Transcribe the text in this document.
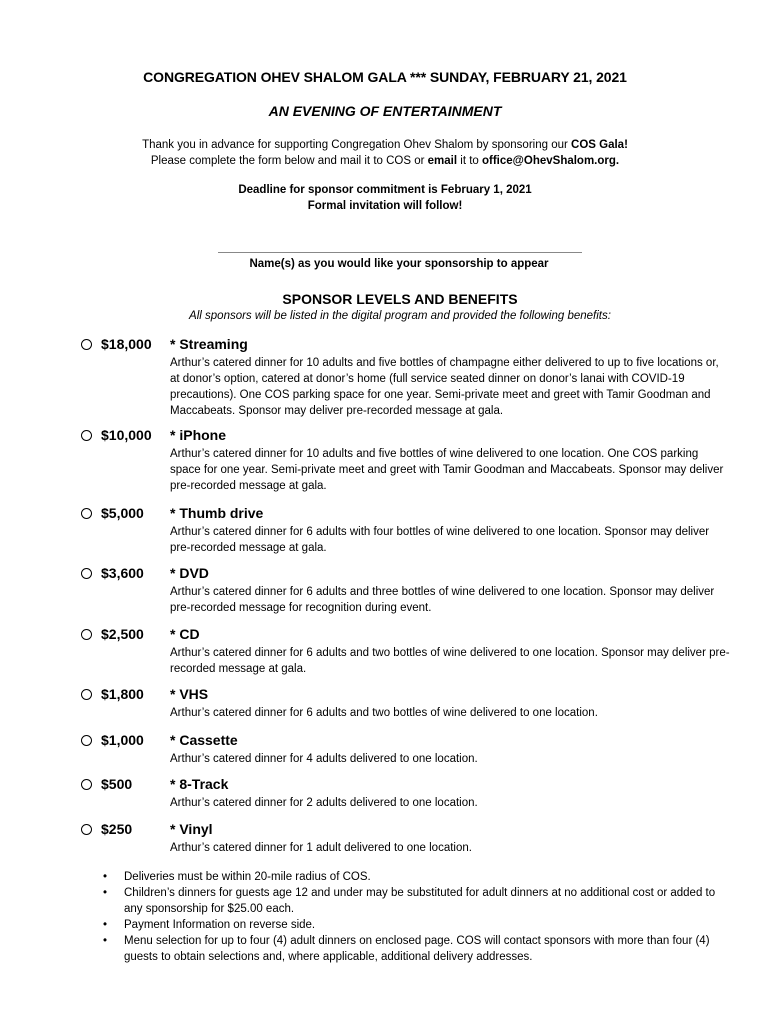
CONGREGATION OHEV SHALOM GALA *** SUNDAY, FEBRUARY 21, 2021
AN EVENING OF ENTERTAINMENT
Thank you in advance for supporting Congregation Ohev Shalom by sponsoring our COS Gala!
Please complete the form below and mail it to COS or email it to office@OhevShalom.org.
Deadline for sponsor commitment is February 1, 2021
Formal invitation will follow!
Name(s) as you would like your sponsorship to appear
SPONSOR LEVELS AND BENEFITS
All sponsors will be listed in the digital program and provided the following benefits:
$18,000 * Streaming
Arthur’s catered dinner for 10 adults and five bottles of champagne either delivered to up to five locations or, at donor’s option, catered at donor’s home (full service seated dinner on donor’s lanai with COVID-19 precautions). One COS parking space for one year. Semi-private meet and greet with Tamir Goodman and Maccabeats. Sponsor may deliver pre-recorded message at gala.
$10,000 * iPhone
Arthur’s catered dinner for 10 adults and five bottles of wine delivered to one location. One COS parking space for one year. Semi-private meet and greet with Tamir Goodman and Maccabeats. Sponsor may deliver pre-recorded message at gala.
$5,000 * Thumb drive
Arthur’s catered dinner for 6 adults with four bottles of wine delivered to one location. Sponsor may deliver pre-recorded message at gala.
$3,600 * DVD
Arthur’s catered dinner for 6 adults and three bottles of wine delivered to one location. Sponsor may deliver pre-recorded message for recognition during event.
$2,500 * CD
Arthur’s catered dinner for 6 adults and two bottles of wine delivered to one location. Sponsor may deliver pre-recorded message at gala.
$1,800 * VHS
Arthur’s catered dinner for 6 adults and two bottles of wine delivered to one location.
$1,000 * Cassette
Arthur’s catered dinner for 4 adults delivered to one location.
$500	* 8-Track
Arthur’s catered dinner for 2 adults delivered to one location.
$250	* Vinyl
Arthur’s catered dinner for 1 adult delivered to one location.
• Deliveries must be within 20-mile radius of COS.
• Children’s dinners for guests age 12 and under may be substituted for adult dinners at no additional cost or added to any sponsorship for $25.00 each.
• Payment Information on reverse side.
• Menu selection for up to four (4) adult dinners on enclosed page. COS will contact sponsors with more than four (4) guests to obtain selections and, where applicable, additional delivery addresses.
